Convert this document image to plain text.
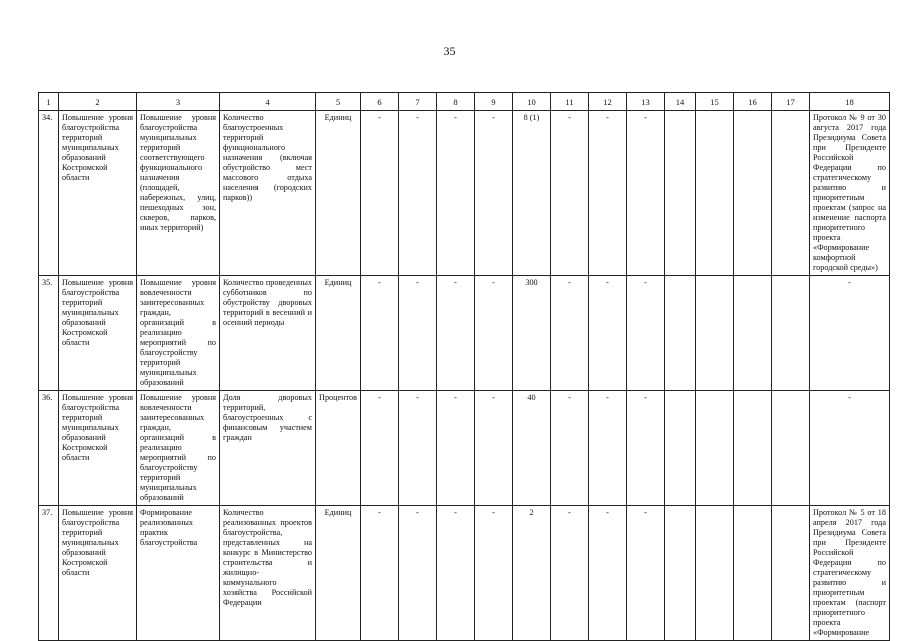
35
1	2	3	4	5	6	7	8	9	10	11	12	13	14	15	16	17	18
34.	Повышение уровня благоустройства территорий муниципальных образований Костромской области	Повышение уровня благоустройства муниципальных территорий соответствующего функционального назначения (площадей, набережных, улиц, пешеходных зон, скверов, парков, иных территорий)	Количество благоустроенных территорий функционального назначения (включая обустройство мест массового отдыха населения (городских парков))	Единиц	-	-	-	-	8 (1)	-	-	-					Протокол № 9 от 30 августа 2017 года Президиума Совета при Президенте Российской Федерации по стратегическому развитию и приоритетным проектам (запрос на изменение паспорта приоритетного проекта «Формирование комфортной городской среды»)
35.	Повышение уровня благоустройства территорий муниципальных образований Костромской области	Повышение уровня вовлеченности заинтересованных граждан, организаций в реализацию мероприятий по благоустройству территорий муниципальных образований	Количество проведенных субботников по обустройству дворовых территорий в весенний и осенний периоды	Единиц	-	-	-	-	300	-	-	-					-
36.	Повышение уровня благоустройства территорий муниципальных образований Костромской области	Повышение уровня вовлеченности заинтересованных граждан, организаций в реализацию мероприятий по благоустройству территорий муниципальных образований	Доля дворовых территорий, благоустроенных с финансовым участием граждан	Процентов	-	-	-	-	40	-	-	-					-
37.	Повышение уровня благоустройства территорий муниципальных образований Костромской области	Формирование реализованных практик благоустройства	Количество реализованных проектов благоустройства, представленных на конкурс в Министерство строительства и жилищно-коммунального хозяйства Российской Федерации	Единиц	-	-	-	-	2	-	-	-					Протокол № 5 от 18 апреля 2017 года Президиума Совета при Президенте Российской Федерации по стратегическому развитию и приоритетным проектам (паспорт приоритетного проекта «Формирование
